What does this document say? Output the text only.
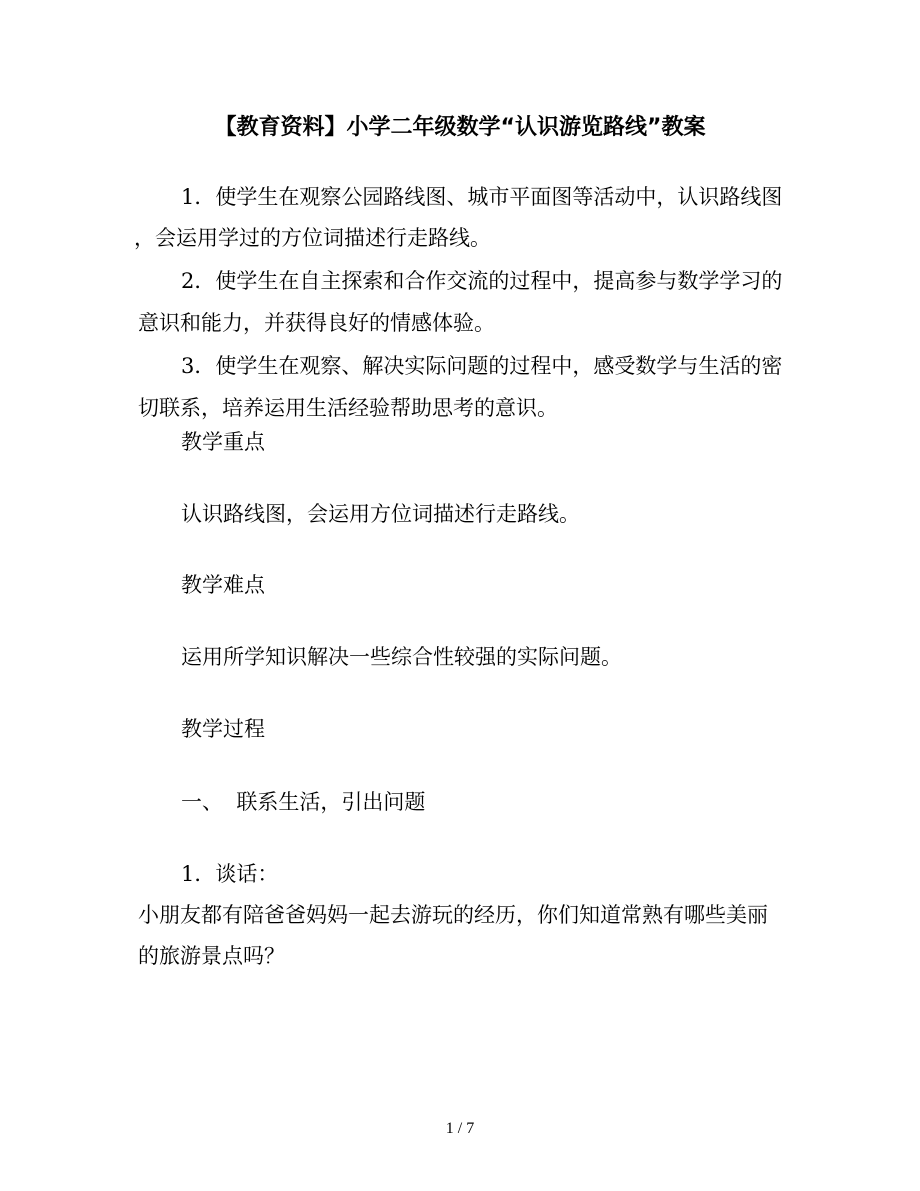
【教育资料】小学二年级数学“认识游览路线”教案
1．使学生在观察公园路线图、城市平面图等活动中，认识路线图
，会运用学过的方位词描述行走路线。
2．使学生在自主探索和合作交流的过程中，提高参与数学学习的
意识和能力，并获得良好的情感体验。
3．使学生在观察、解决实际问题的过程中，感受数学与生活的密
切联系，培养运用生活经验帮助思考的意识。
教学重点
认识路线图，会运用方位词描述行走路线。
教学难点
运用所学知识解决一些综合性较强的实际问题。
教学过程
一、  联系生活，引出问题
1．谈话：
小朋友都有陪爸爸妈妈一起去游玩的经历，你们知道常熟有哪些美丽
的旅游景点吗？
1 / 7
